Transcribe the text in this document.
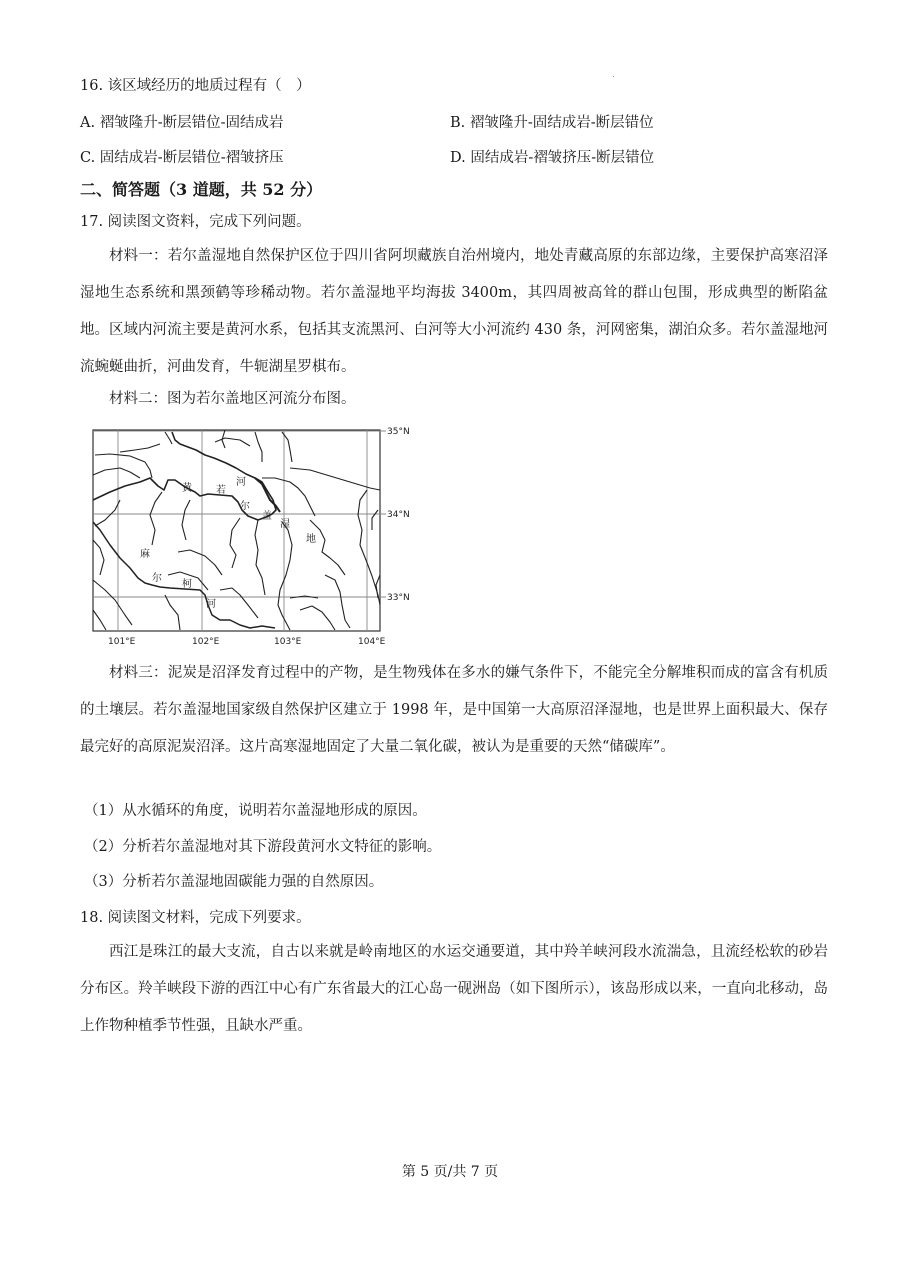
16. 该区域经历的地质过程有（　）
A. 褶皱隆升-断层错位-固结成岩	B. 褶皱隆升-固结成岩-断层错位
C. 固结成岩-断层错位-褶皱挤压	D. 固结成岩-褶皱挤压-断层错位
二、简答题（3 道题，共 52 分）
17. 阅读图文资料，完成下列问题。
材料一：若尔盖湿地自然保护区位于四川省阿坝藏族自治州境内，地处青藏高原的东部边缘，主要保护高寒沼泽湿地生态系统和黑颈鹤等珍稀动物。若尔盖湿地平均海拔 3400m，其四周被高耸的群山包围，形成典型的断陷盆地。区域内河流主要是黄河水系，包括其支流黑河、白河等大小河流约 430 条，河网密集，湖泊众多。若尔盖湿地河流蜿蜒曲折，河曲发育，牛轭湖星罗棋布。
材料二：图为若尔盖地区河流分布图。
黄 若
河
尔
盖
湿
地
麻
尔
柯
河
101°E	102°E	103°E	104°E
35°N
34°N
33°N
材料三：泥炭是沼泽发育过程中的产物，是生物残体在多水的嫌气条件下，不能完全分解堆积而成的富含有机质的土壤层。若尔盖湿地国家级自然保护区建立于 1998 年，是中国第一大高原沼泽湿地，也是世界上面积最大、保存最完好的高原泥炭沼泽。这片高寒湿地固定了大量二氧化碳，被认为是重要的天然“储碳库”。
（1）从水循环的角度，说明若尔盖湿地形成的原因。
（2）分析若尔盖湿地对其下游段黄河水文特征的影响。
（3）分析若尔盖湿地固碳能力强的自然原因。
18. 阅读图文材料，完成下列要求。
西江是珠江的最大支流，自古以来就是岭南地区的水运交通要道，其中羚羊峡河段水流湍急，且流经松软的砂岩分布区。羚羊峡段下游的西江中心有广东省最大的江心岛一砚洲岛（如下图所示），该岛形成以来，一直向北移动，岛上作物种植季节性强，且缺水严重。
第 5 页/共 7 页
